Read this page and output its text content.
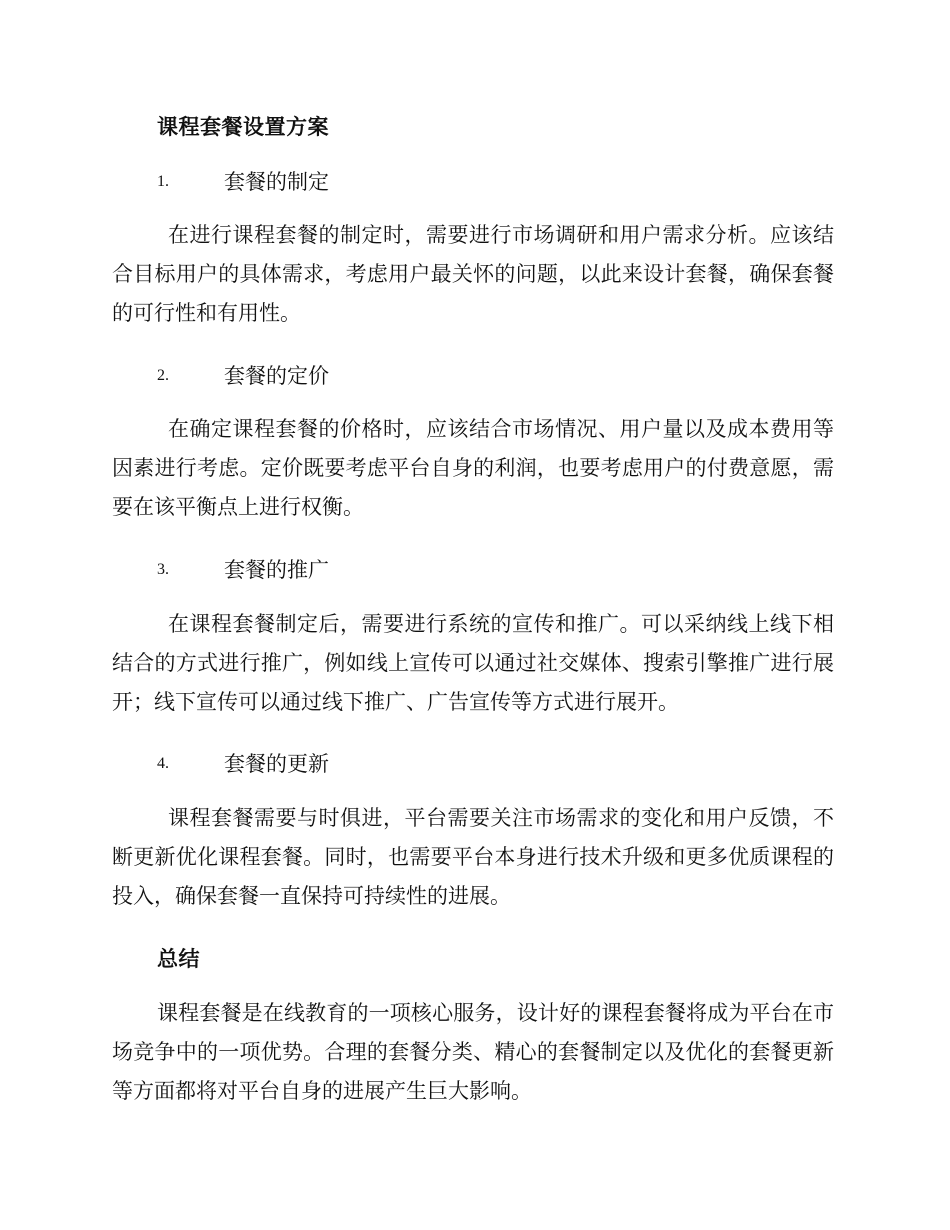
课程套餐设置方案
1.	套餐的制定

在进行课程套餐的制定时，需要进行市场调研和用户需求分析。应该结合目标用户的具体需求，考虑用户最关怀的问题，以此来设计套餐，确保套餐的可行性和有用性。

2.	套餐的定价

在确定课程套餐的价格时，应该结合市场情况、用户量以及成本费用等因素进行考虑。定价既要考虑平台自身的利润，也要考虑用户的付费意愿，需要在该平衡点上进行权衡。

3.	套餐的推广

在课程套餐制定后，需要进行系统的宣传和推广。可以采纳线上线下相结合的方式进行推广，例如线上宣传可以通过社交媒体、搜索引擎推广进行展开；线下宣传可以通过线下推广、广告宣传等方式进行展开。

4.	套餐的更新

课程套餐需要与时俱进，平台需要关注市场需求的变化和用户反馈，不断更新优化课程套餐。同时，也需要平台本身进行技术升级和更多优质课程的投入，确保套餐一直保持可持续性的进展。

总结

课程套餐是在线教育的一项核心服务，设计好的课程套餐将成为平台在市场竞争中的一项优势。合理的套餐分类、精心的套餐制定以及优化的套餐更新等方面都将对平台自身的进展产生巨大影响。
